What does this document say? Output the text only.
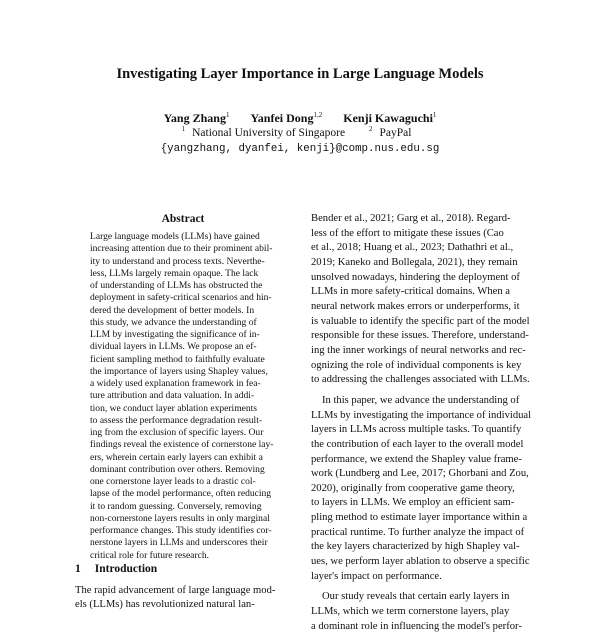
Investigating Layer Importance in Large Language Models
Yang Zhang$^1$ Yanfei Dong$^{1,2}$ Kenji Kawaguchi$^1$
$^1$ National University of Singapore	$^2$ PayPal
{yangzhang, dyanfei, kenji}@comp.nus.edu.sg
Abstract
Large language models (LLMs) have gained
increasing attention due to their prominent abil-
ity to understand and process texts. Neverthe-
less, LLMs largely remain opaque. The lack
of understanding of LLMs has obstructed the
deployment in safety-critical scenarios and hin-
dered the development of better models. In
this study, we advance the understanding of
LLM by investigating the significance of in-
dividual layers in LLMs. We propose an ef-
ficient sampling method to faithfully evaluate
the importance of layers using Shapley values,
a widely used explanation framework in fea-
ture attribution and data valuation. In addi-
tion, we conduct layer ablation experiments
to assess the performance degradation result-
ing from the exclusion of specific layers. Our
findings reveal the existence of cornerstone lay-
ers, wherein certain early layers can exhibit a
dominant contribution over others. Removing
one cornerstone layer leads to a drastic col-
lapse of the model performance, often reducing
it to random guessing. Conversely, removing
non-cornerstone layers results in only marginal
performance changes. This study identifies cor-
nerstone layers in LLMs and underscores their
critical role for future research.
1 Introduction
The rapid advancement of large language mod-
els (LLMs) has revolutionized natural lan-
Bender et al., 2021; Garg et al., 2018). Regard-
less of the effort to mitigate these issues (Cao
et al., 2018; Huang et al., 2023; Dathathri et al.,
2019; Kaneko and Bollegala, 2021), they remain
unsolved nowadays, hindering the deployment of
LLMs in more safety-critical domains. When a
neural network makes errors or underperforms, it
is valuable to identify the specific part of the model
responsible for these issues. Therefore, understand-
ing the inner workings of neural networks and rec-
ognizing the role of individual components is key
to addressing the challenges associated with LLMs.
In this paper, we advance the understanding of
LLMs by investigating the importance of individual
layers in LLMs across multiple tasks. To quantify
the contribution of each layer to the overall model
performance, we extend the Shapley value frame-
work (Lundberg and Lee, 2017; Ghorbani and Zou,
2020), originally from cooperative game theory,
to layers in LLMs. We employ an efficient sam-
pling method to estimate layer importance within a
practical runtime. To further analyze the impact of
the key layers characterized by high Shapley val-
ues, we perform layer ablation to observe a specific
layer's impact on performance.
Our study reveals that certain early layers in
LLMs, which we term cornerstone layers, play
a dominant role in influencing the model's perfor-
